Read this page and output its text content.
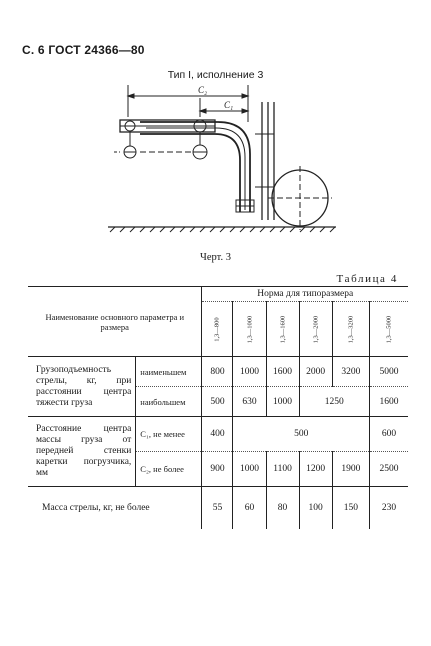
С. 6 ГОСТ 24366—80
Тип I, исполнение 3
C₂
C₁
Черт. 3
Таблица 4
Наименование основного параметра и размера		Норма для типоразмера					
		1,3—800	1,3—1000	1,3—1600	1,3—2000	1,3—3200	1,3—5000
Грузоподъемность стрелы, кг, при расстоянии центра тяжести груза	наименьшем	800	1000	1600	2000	3200	5000
	наибольшем	500	630	1000	1250		1600
Расстояние центра массы груза от передней стенки каретки погрузчика, мм	C₁, не менее	400	500				600
	C₂, не более	900	1000	1100	1200	1900	2500
Масса стрелы, кг, не более		55	60	80	100	150	230
